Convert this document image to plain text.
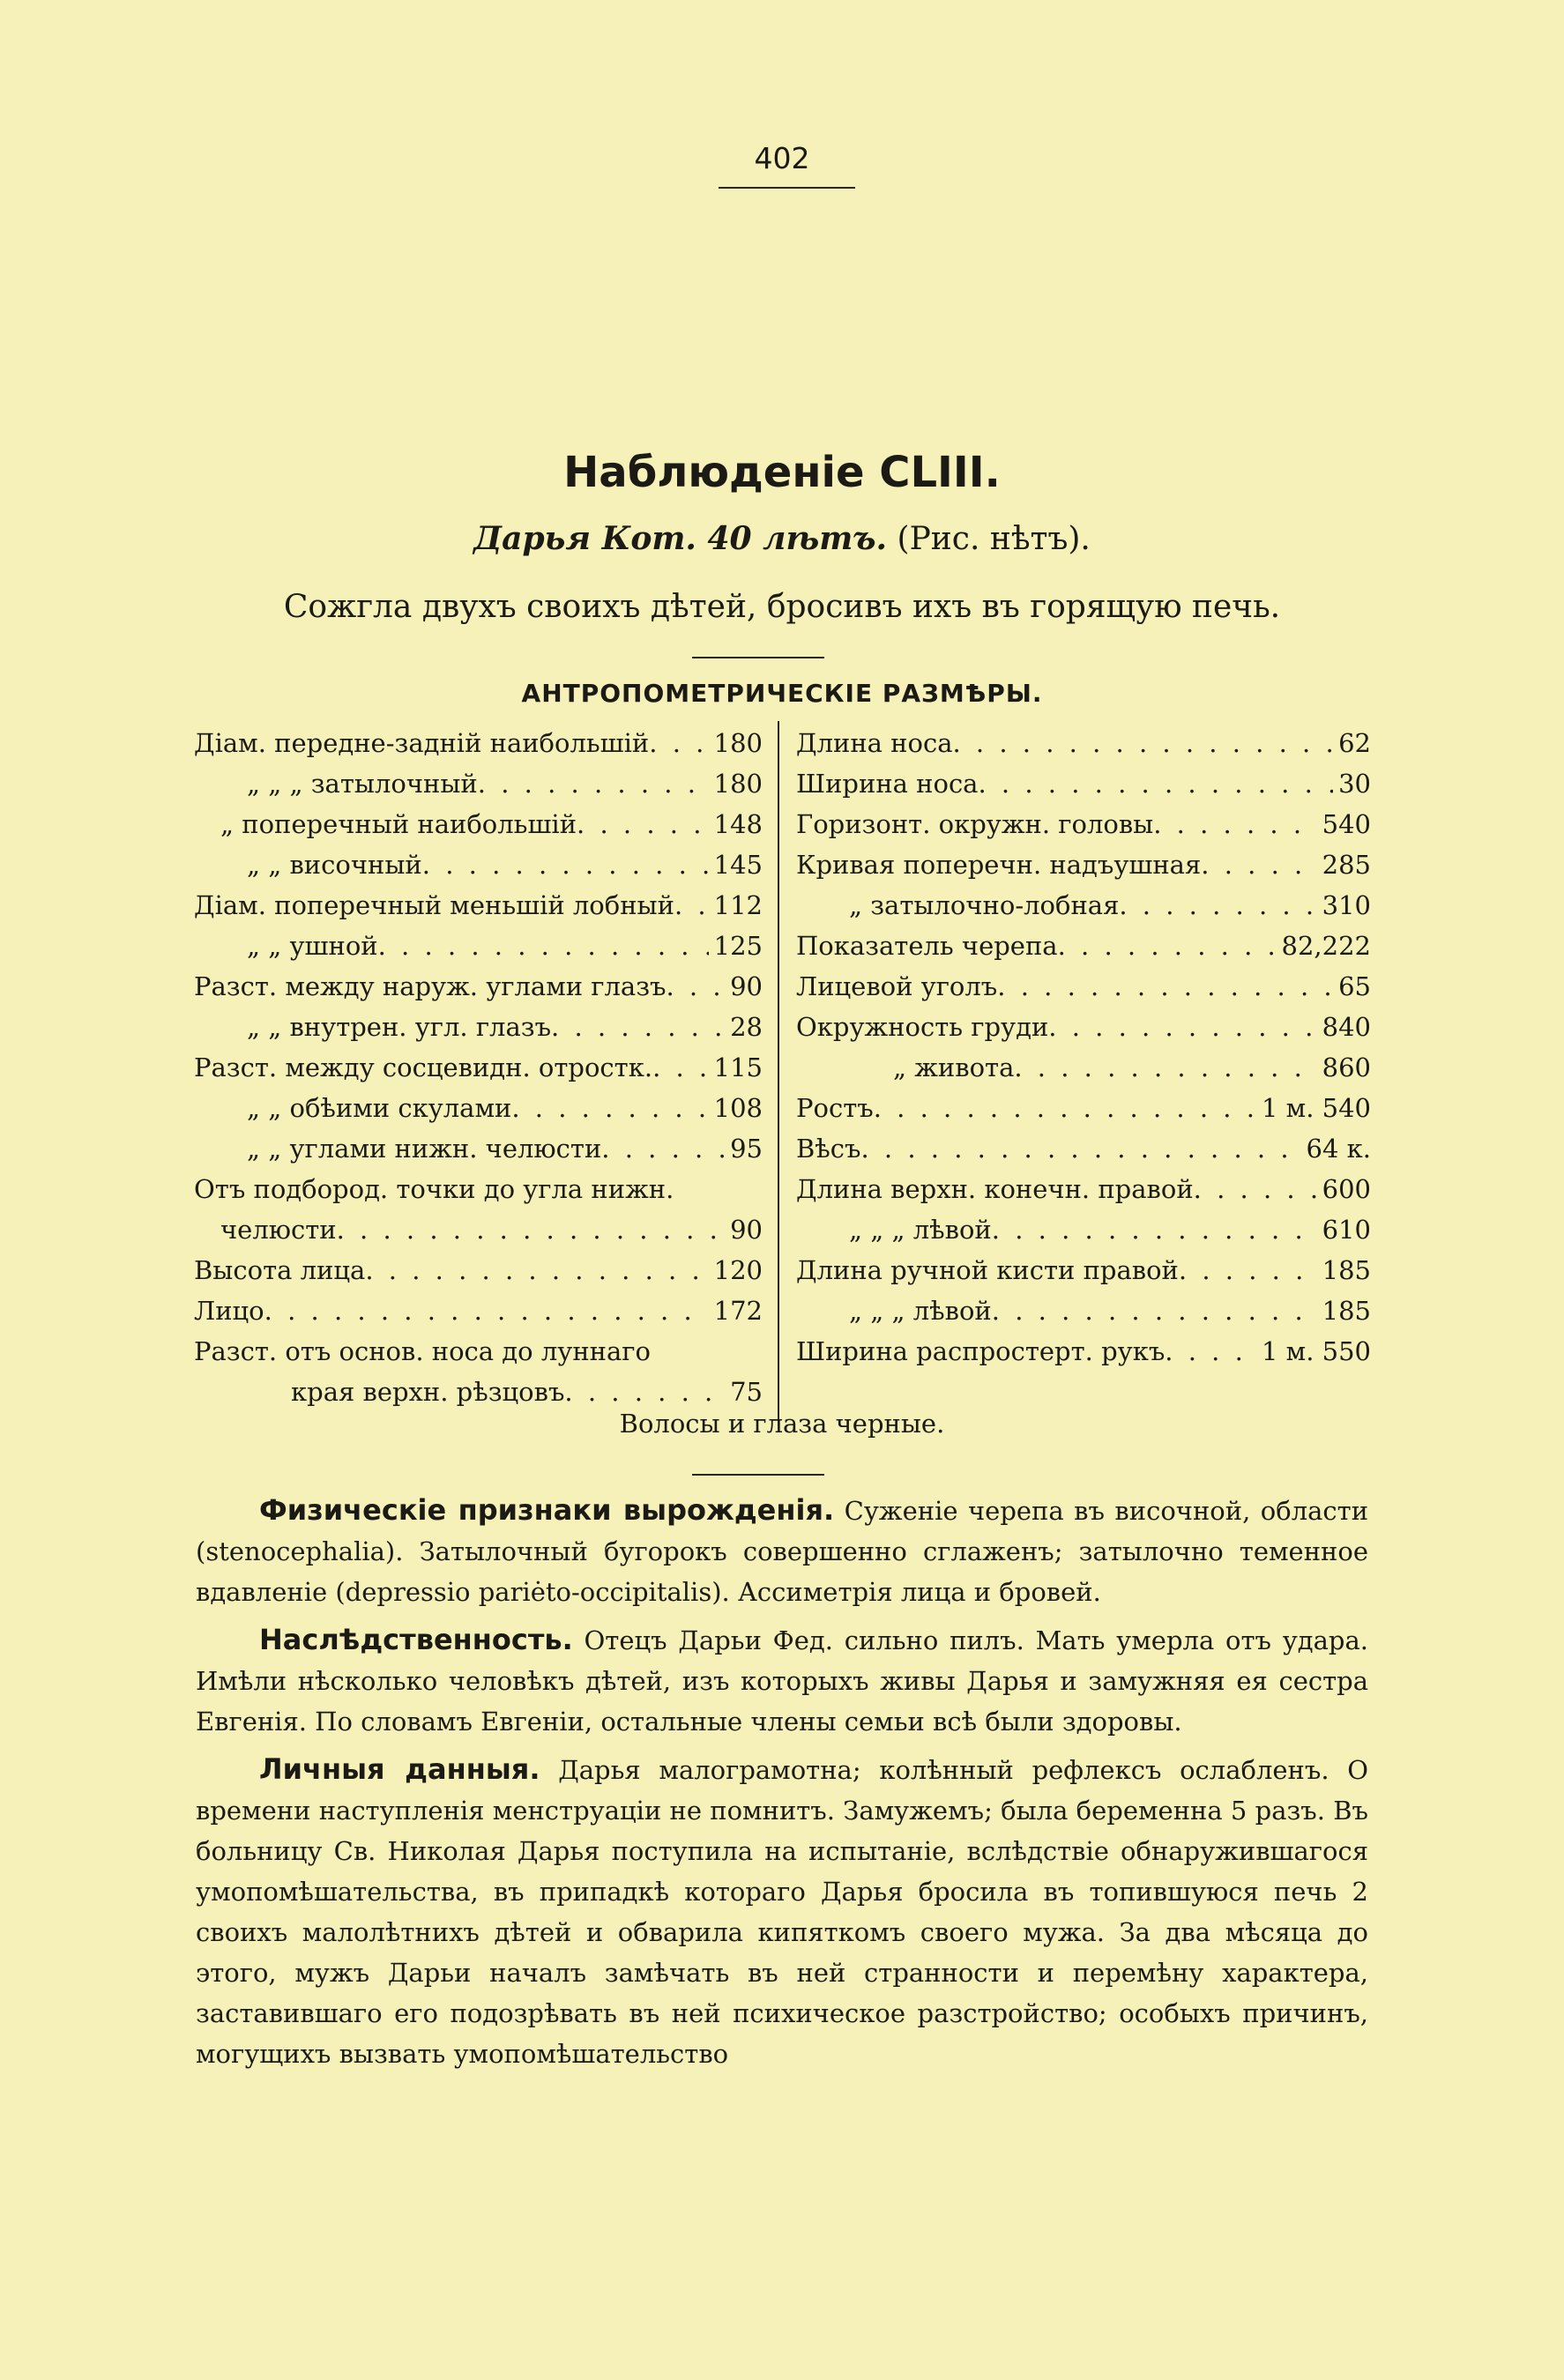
402
Наблюденіе CLIII.
Дарья Кот. 40 лѣтъ. (Рис. нѣтъ).
Сожгла двухъ своихъ дѣтей, бросивъ ихъ въ горящую печь.
АНТРОПОМЕТРИЧЕСКІЕ РАЗМѢРЫ.
Діам. передне-задній наибольшій . . .	180
„ „ „ затылочный . . .	180
„ поперечный наибольшій . . .	148
„ „ височный . . .	145
Діам. поперечный меньшій лобный . . . 112
„ „ ушной . . .	125
Разст. между наруж. углами глазъ . . .	90
„ „ внутрен. угл. глазъ . . .	28
Разст. между сосцевидн. отростк. . . . 115
„ „ обѣими скулами . . .	108
„ „ углами нижн. челюсти . . .	95
Отъ подбород. точки до угла нижн.
челюсти . . .	90
Высота лица . . .	120
Лицо . . .	172
Разст. отъ основ. носа до луннаго
края верхн. рѣзцовъ . . .	75
Длина носа . . .	62
Ширина носа . . .	30
Горизонт. окружн. головы . . .	540
Кривая поперечн. надъушная . . .	285
„ затылочно-лобная . . .	310
Показатель черепа . . .	82,222
Лицевой уголъ . . .	65
Окружность груди . . .	840
„ живота . . .	860
Ростъ . . .	1 м. 540
Вѣсъ . . .	64 к.
Длина верхн. конечн. правой . . .	600
„ „ „ лѣвой . . .	610
Длина ручной кисти правой . . .	185
„ „ „ лѣвой . . .	185
Ширина распростерт. рукъ . . .	1 м. 550
Волосы и глаза черные.

Физическіе признаки вырожденія. Суженіе черепа въ височной, области (stenocephalia). Затылочный бугорокъ совершенно сглаженъ; затылочно теменное вдавленіе (depressio pariėto-occipitalis). Ассиметрія лица и бровей.

Наслѣдственность. Отецъ Дарьи Фед. сильно пилъ. Мать умерла отъ удара. Имѣли нѣсколько человѣкъ дѣтей, изъ которыхъ живы Дарья и замужняя ея сестра Евгенія. По словамъ Евгеніи, остальные члены семьи всѣ были здоровы.

Личныя данныя. Дарья малограмотна; колѣнный рефлексъ ослабленъ. О времени наступленія менструаціи не помнитъ. Замужемъ; была беременна 5 разъ. Въ больницу Св. Николая Дарья поступила на испытаніе, вслѣдствіе обнаружившагося умопомѣшательства, въ припадкѣ котораго Дарья бросила въ топившуюся печь 2 своихъ малолѣтнихъ дѣтей и обварила кипяткомъ своего мужа. За два мѣсяца до этого, мужъ Дарьи началъ замѣчать въ ней странности и перемѣну характера, заставившаго его подозрѣвать въ ней психическое разстройство; особыхъ причинъ, могущихъ вызвать умопомѣшательство
